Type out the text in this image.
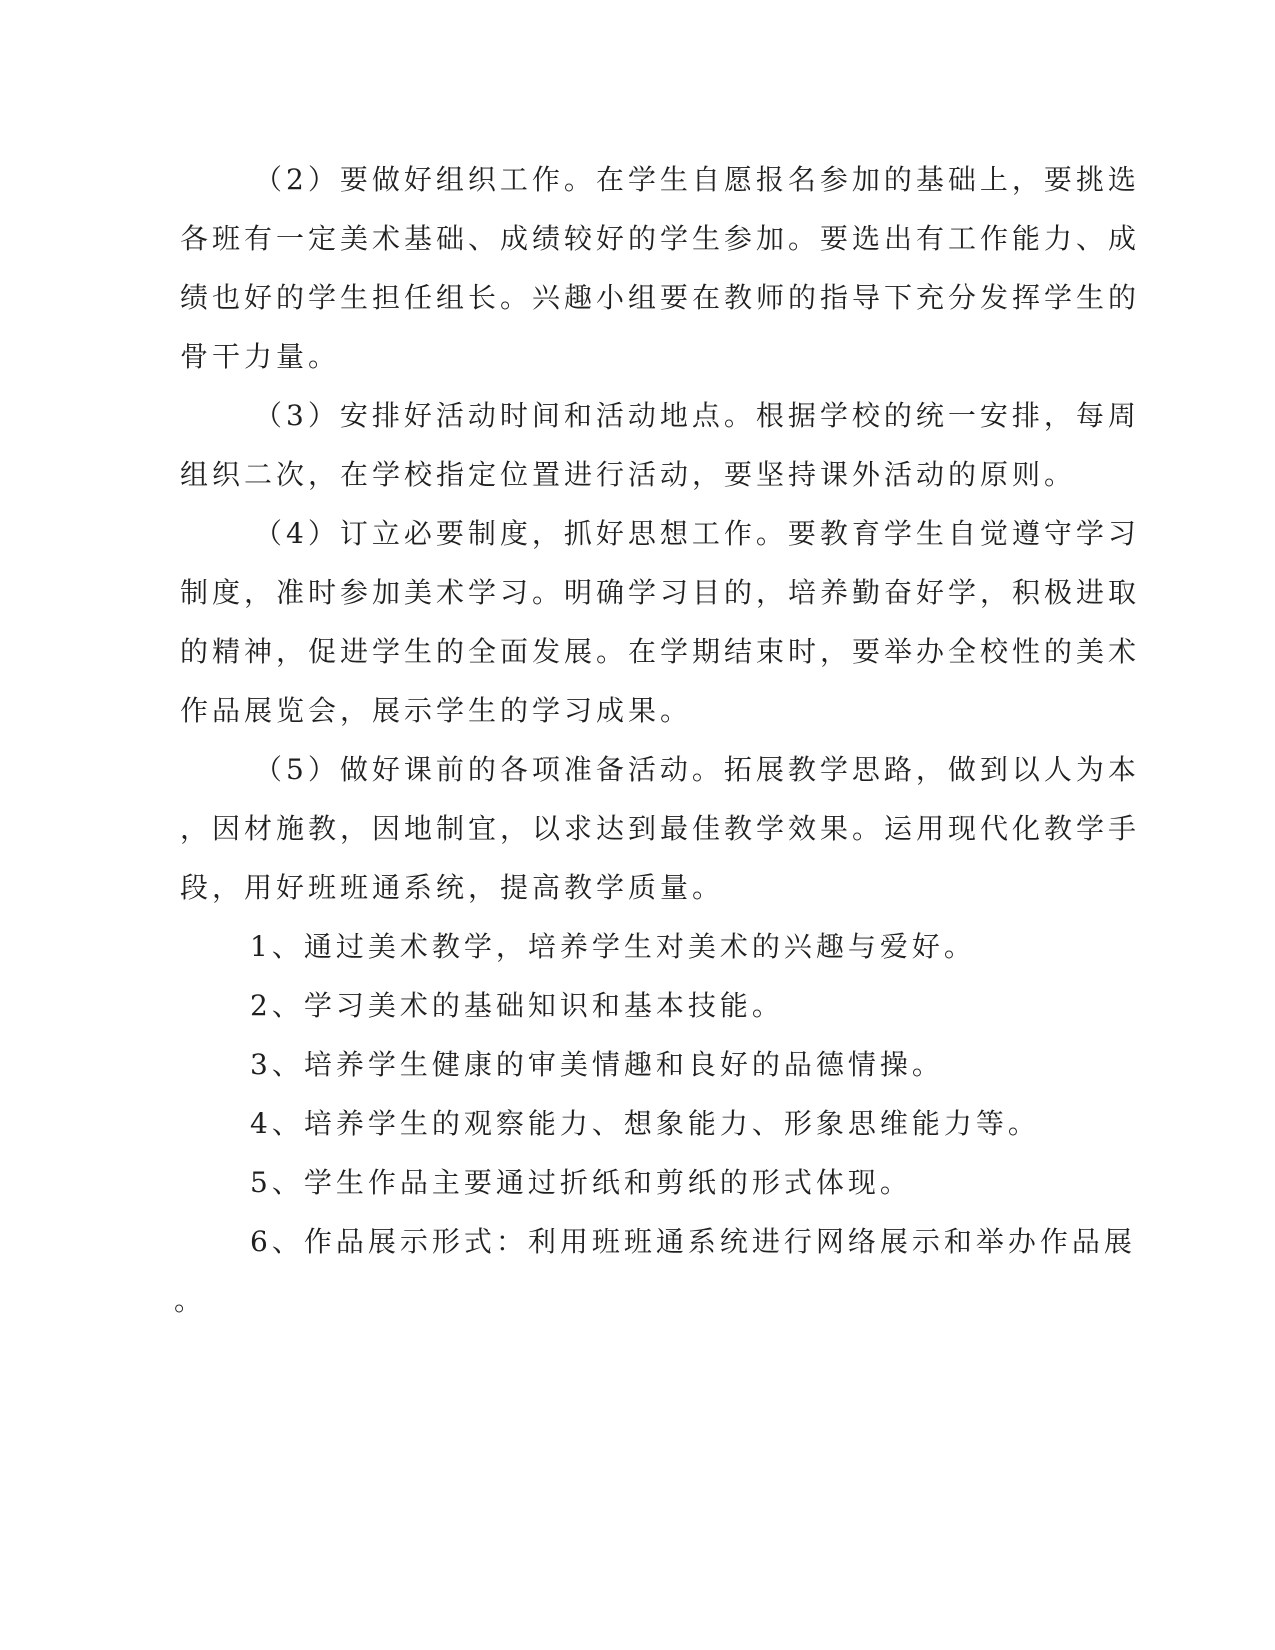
（2）要做好组织工作。在学生自愿报名参加的基础上，要挑选
各班有一定美术基础、成绩较好的学生参加。要选出有工作能力、成
绩也好的学生担任组长。兴趣小组要在教师的指导下充分发挥学生的
骨干力量。
（3）安排好活动时间和活动地点。根据学校的统一安排，每周
组织二次，在学校指定位置进行活动，要坚持课外活动的原则。
（4）订立必要制度，抓好思想工作。要教育学生自觉遵守学习
制度，准时参加美术学习。明确学习目的，培养勤奋好学，积极进取
的精神，促进学生的全面发展。在学期结束时，要举办全校性的美术
作品展览会，展示学生的学习成果。
（5）做好课前的各项准备活动。拓展教学思路，做到以人为本
，因材施教，因地制宜，以求达到最佳教学效果。运用现代化教学手
段，用好班班通系统，提高教学质量。
1、通过美术教学，培养学生对美术的兴趣与爱好。
2、学习美术的基础知识和基本技能。
3、培养学生健康的审美情趣和良好的品德情操。
4、培养学生的观察能力、想象能力、形象思维能力等。
5、学生作品主要通过折纸和剪纸的形式体现。
6、作品展示形式：利用班班通系统进行网络展示和举办作品展
。
